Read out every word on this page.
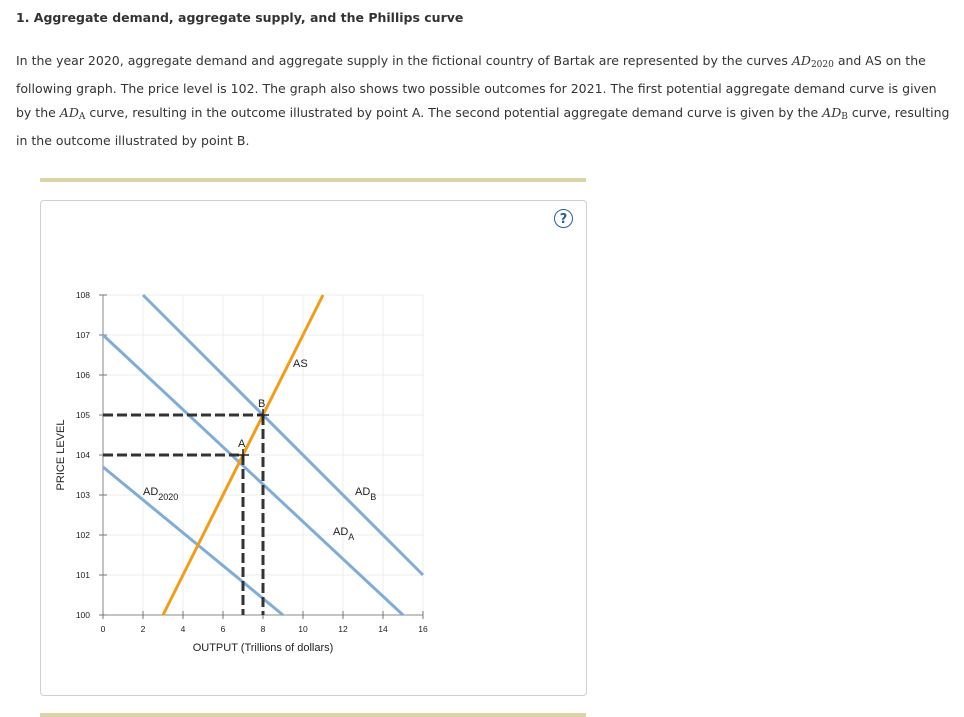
1. Aggregate demand, aggregate supply, and the Phillips curve
In the year 2020, aggregate demand and aggregate supply in the fictional country of Bartak are represented by the curves $AD_{2020}$ and AS on the following graph. The price level is 102. The graph also shows two possible outcomes for 2021. The first potential aggregate demand curve is given by the $AD_A$ curve, resulting in the outcome illustrated by point A. The second potential aggregate demand curve is given by the $AD_B$ curve, resulting in the outcome illustrated by point B.
?
0	2	4	6	8	10	12	14	16
100
101
102
103
104
105
106
107
108
$AD_{2020}$
$AD_A$
$AD_B$
AS
A
B
OUTPUT (Trillions of dollars)
PRICE LEVEL
